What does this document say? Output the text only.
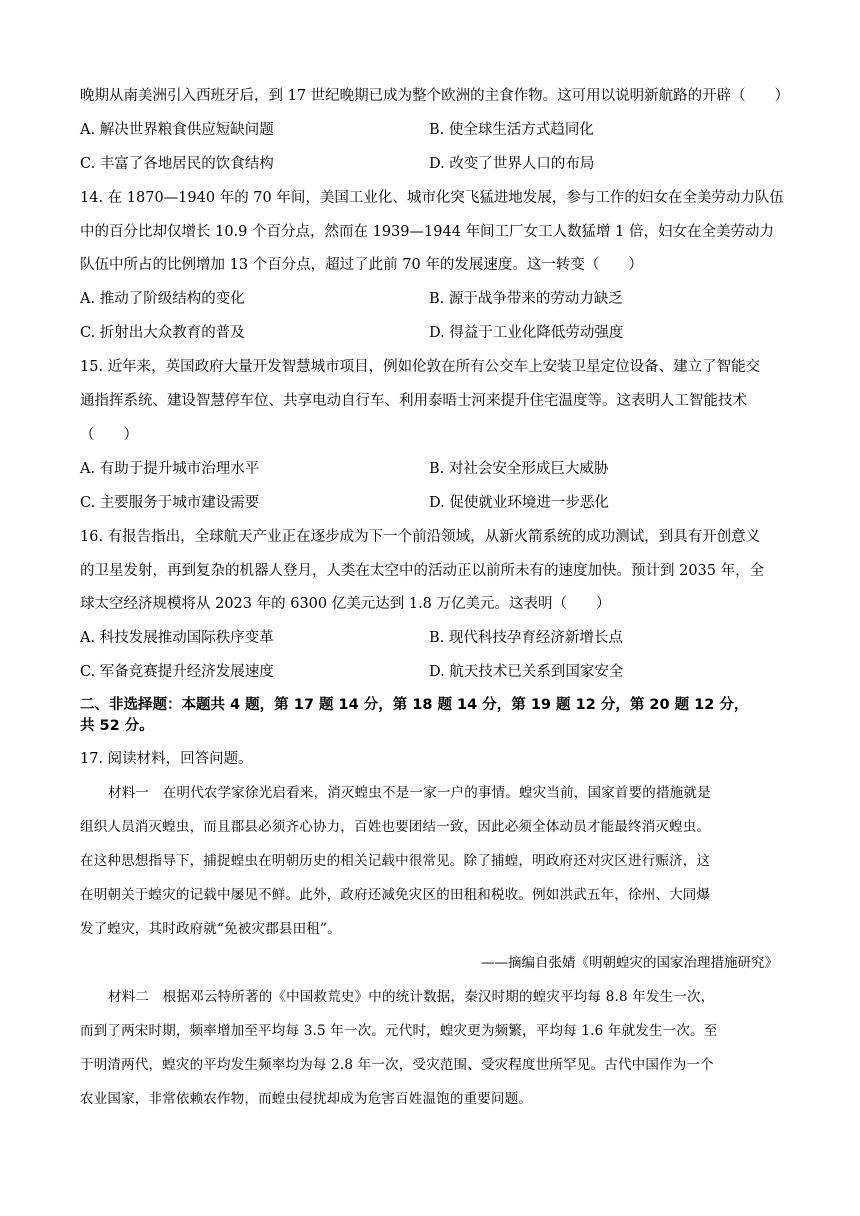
晚期从南美洲引入西班牙后，到 17 世纪晚期已成为整个欧洲的主食作物。这可用以说明新航路的开辟（　　）
A. 解决世界粮食供应短缺问题	B. 使全球生活方式趋同化
C. 丰富了各地居民的饮食结构	D. 改变了世界人口的布局
14. 在 1870—1940 年的 70 年间，美国工业化、城市化突飞猛进地发展，参与工作的妇女在全美劳动力队伍
中的百分比却仅增长 10.9 个百分点，然而在 1939—1944 年间工厂女工人数猛增 1 倍，妇女在全美劳动力
队伍中所占的比例增加 13 个百分点，超过了此前 70 年的发展速度。这一转变（　　）
A. 推动了阶级结构的变化	B. 源于战争带来的劳动力缺乏
C. 折射出大众教育的普及	D. 得益于工业化降低劳动强度
15. 近年来，英国政府大量开发智慧城市项目，例如伦敦在所有公交车上安装卫星定位设备、建立了智能交
通指挥系统、建设智慧停车位、共享电动自行车、利用泰晤士河来提升住宅温度等。这表明人工智能技术
（　　）
A. 有助于提升城市治理水平	B. 对社会安全形成巨大威胁
C. 主要服务于城市建设需要	D. 促使就业环境进一步恶化
16. 有报告指出，全球航天产业正在逐步成为下一个前沿领域，从新火箭系统的成功测试，到具有开创意义
的卫星发射，再到复杂的机器人登月，人类在太空中的活动正以前所未有的速度加快。预计到 2035 年，全
球太空经济规模将从 2023 年的 6300 亿美元达到 1.8 万亿美元。这表明（　　）
A. 科技发展推动国际秩序变革	B. 现代科技孕育经济新增长点
C. 军备竞赛提升经济发展速度	D. 航天技术已关系到国家安全
二、非选择题：本题共 4 题，第 17 题 14 分，第 18 题 14 分，第 19 题 12 分，第 20 题 12 分，
共 52 分。
17. 阅读材料，回答问题。
材料一　在明代农学家徐光启看来，消灭蝗虫不是一家一户的事情。蝗灾当前，国家首要的措施就是
组织人员消灭蝗虫，而且郡县必须齐心协力，百姓也要团结一致，因此必须全体动员才能最终消灭蝗虫。
在这种思想指导下，捕捉蝗虫在明朝历史的相关记载中很常见。除了捕蝗，明政府还对灾区进行赈济，这
在明朝关于蝗灾的记载中屡见不鲜。此外，政府还减免灾区的田租和税收。例如洪武五年，徐州、大同爆
发了蝗灾，其时政府就“免被灾郡县田租”。
——摘编自张婧《明朝蝗灾的国家治理措施研究》
材料二　根据邓云特所著的《中国救荒史》中的统计数据，秦汉时期的蝗灾平均每 8.8 年发生一次，
而到了两宋时期，频率增加至平均每 3.5 年一次。元代时，蝗灾更为频繁，平均每 1.6 年就发生一次。至
于明清两代，蝗灾的平均发生频率均为每 2.8 年一次，受灾范围、受灾程度世所罕见。古代中国作为一个
农业国家，非常依赖农作物，而蝗虫侵扰却成为危害百姓温饱的重要问题。
